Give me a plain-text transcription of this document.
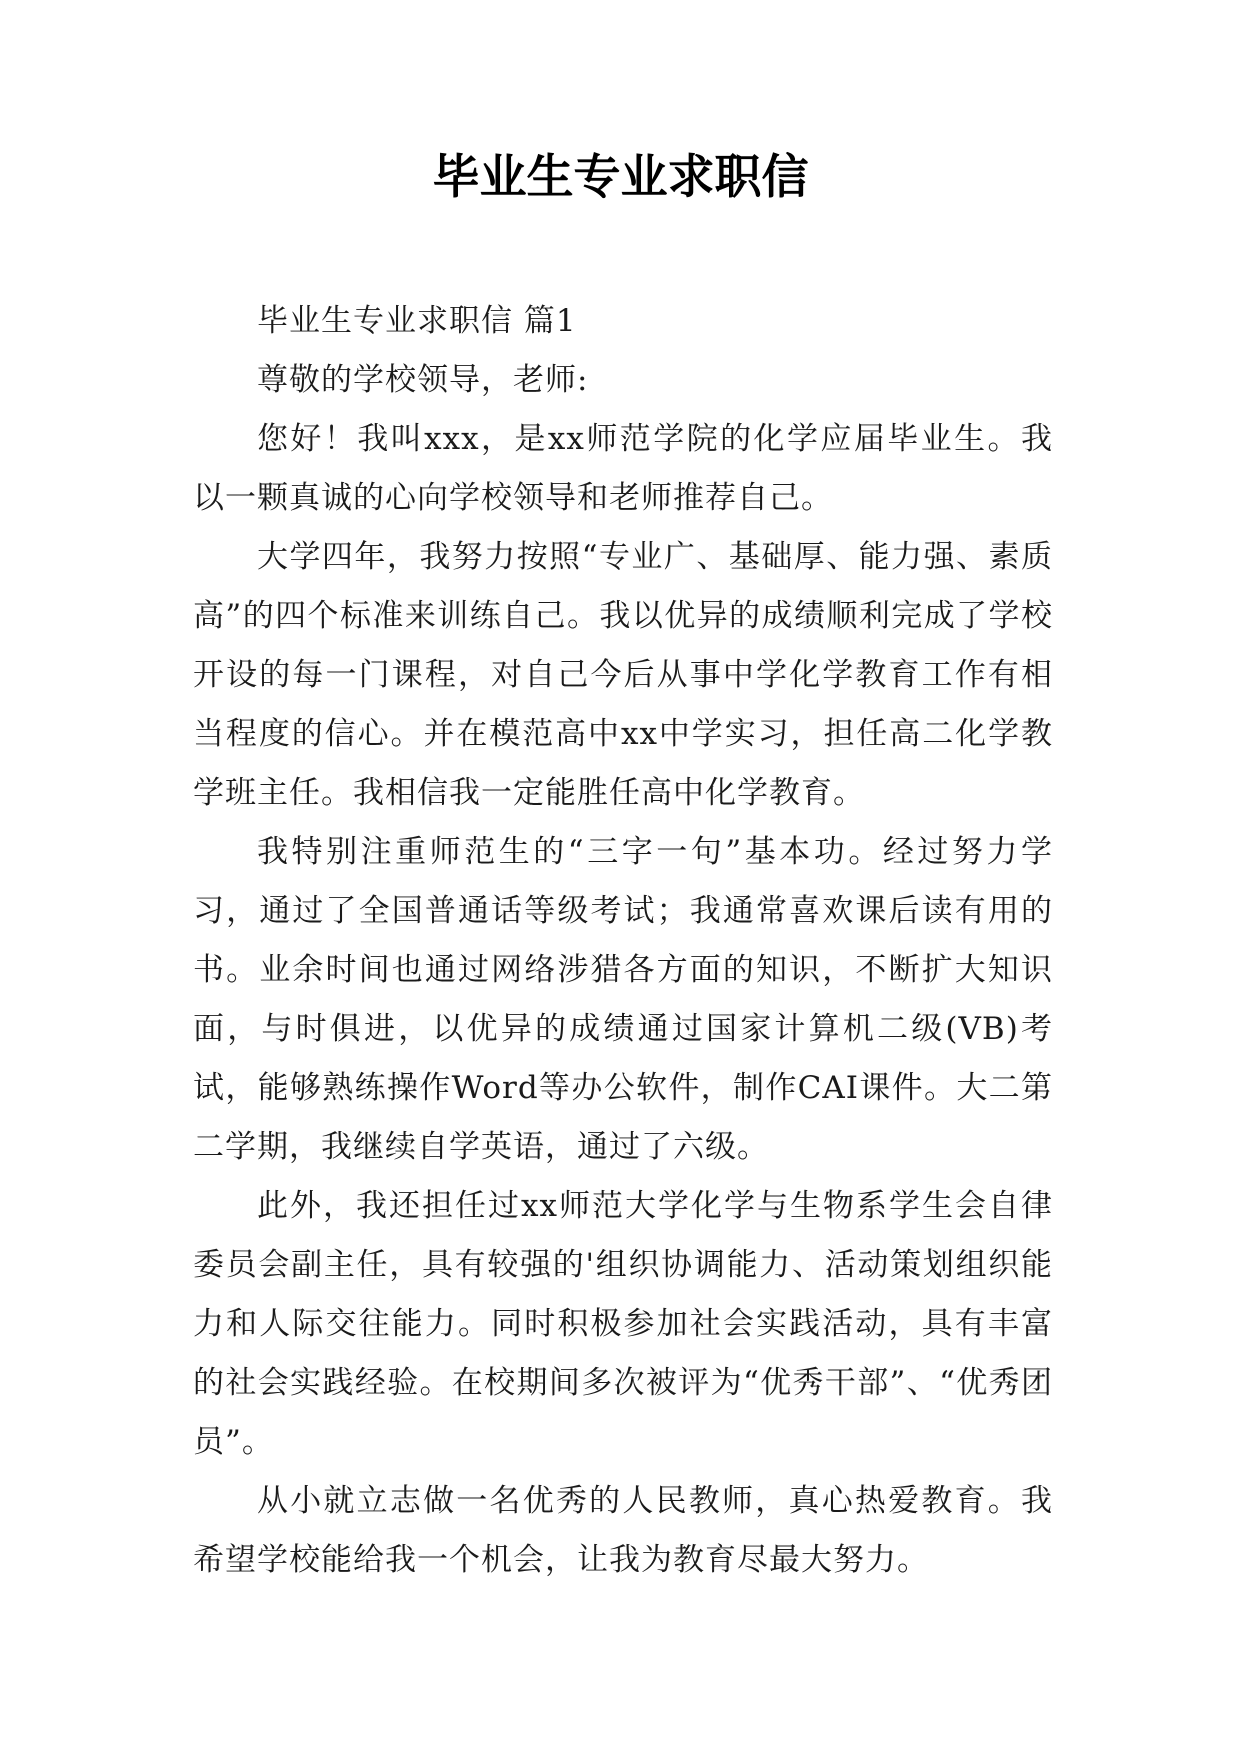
毕业生专业求职信

毕业生专业求职信 篇1

尊敬的学校领导，老师:

您好！我叫xxx，是xx师范学院的化学应届毕业生。我以一颗真诚的心向学校领导和老师推荐自己。

大学四年，我努力按照“专业广、基础厚、能力强、素质高”的四个标准来训练自己。我以优异的成绩顺利完成了学校开设的每一门课程，对自己今后从事中学化学教育工作有相当程度的信心。并在模范高中xx中学实习，担任高二化学教学班主任。我相信我一定能胜任高中化学教育。

我特别注重师范生的“三字一句”基本功。经过努力学习，通过了全国普通话等级考试；我通常喜欢课后读有用的书。业余时间也通过网络涉猎各方面的知识，不断扩大知识面，与时俱进，以优异的成绩通过国家计算机二级(VB)考试，能够熟练操作Word等办公软件，制作CAI课件。大二第二学期，我继续自学英语，通过了六级。

此外，我还担任过xx师范大学化学与生物系学生会自律委员会副主任，具有较强的'组织协调能力、活动策划组织能力和人际交往能力。同时积极参加社会实践活动，具有丰富的社会实践经验。在校期间多次被评为“优秀干部”、“优秀团员”。

从小就立志做一名优秀的人民教师，真心热爱教育。我希望学校能给我一个机会，让我为教育尽最大努力。
